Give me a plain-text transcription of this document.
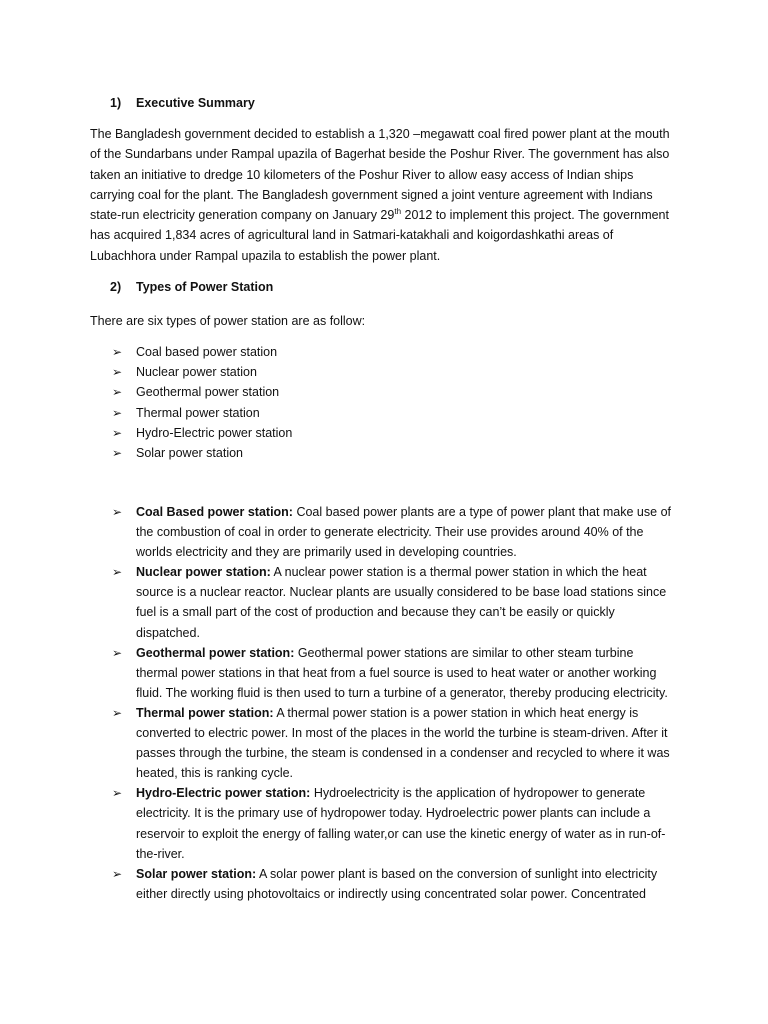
1) Executive Summary

The Bangladesh government decided to establish a 1,320 –megawatt coal fired power plant at the mouth of the Sundarbans under Rampal upazila of Bagerhat beside the Poshur River. The government has also taken an initiative to dredge 10 kilometers of the Poshur River to allow easy access of Indian ships carrying coal for the plant. The Bangladesh government signed a joint venture agreement with Indians state-run electricity generation company on January 29th 2012 to implement this project. The government has acquired 1,834 acres of agricultural land in Satmari-katakhali and koigordashkathi areas of Lubachhora under Rampal upazila to establish the power plant.

2) Types of Power Station

There are six types of power station are as follow:

➢ Coal based power station
➢ Nuclear power station
➢ Geothermal power station
➢ Thermal power station
➢ Hydro-Electric power station
➢ Solar power station
➢ Coal Based power station: Coal based power plants are a type of power plant that make use of the combustion of coal in order to generate electricity. Their use provides around 40% of the worlds electricity and they are primarily used in developing countries.
➢ Nuclear power station: A nuclear power station is a thermal power station in which the heat source is a nuclear reactor. Nuclear plants are usually considered to be base load stations since fuel is a small part of the cost of production and because they can’t be easily or quickly dispatched.
➢ Geothermal power station: Geothermal power stations are similar to other steam turbine thermal power stations in that heat from a fuel source is used to heat water or another working fluid. The working fluid is then used to turn a turbine of a generator, thereby producing electricity.
➢ Thermal power station: A thermal power station is a power station in which heat energy is converted to electric power. In most of the places in the world the turbine is steam-driven. After it passes through the turbine, the steam is condensed in a condenser and recycled to where it was heated, this is ranking cycle.
➢ Hydro-Electric power station: Hydroelectricity is the application of hydropower to generate electricity. It is the primary use of hydropower today. Hydroelectric power plants can include a reservoir to exploit the energy of falling water,or can use the kinetic energy of water as in run-of-the-river.
➢ Solar power station: A solar power plant is based on the conversion of sunlight into electricity either directly using photovoltaics or indirectly using concentrated solar power. Concentrated
